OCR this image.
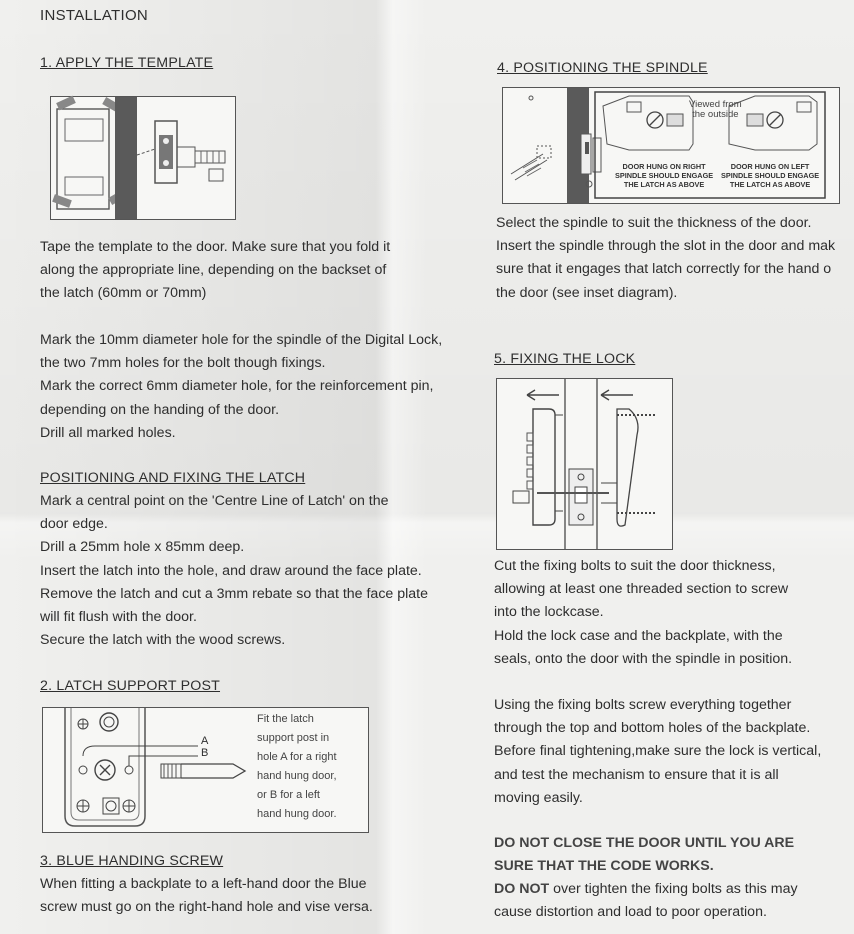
INSTALLATION
1. APPLY THE TEMPLATE
Tape the template to the door. Make sure that you fold it
along the appropriate line, depending on the backset of
the latch (60mm or 70mm)
Mark the 10mm diameter hole for the spindle of the Digital Lock,
the two 7mm holes for the bolt though fixings.
Mark the correct 6mm diameter hole, for the reinforcement pin,
depending on the handing of the door.
Drill all marked holes.
POSITIONING AND FIXING THE LATCH
Mark a central point on the 'Centre Line of Latch' on the
door edge.
Drill a 25mm hole x 85mm deep.
Insert the latch into the hole, and draw around the face plate.
Remove the latch and cut a 3mm rebate so that the face plate
will fit flush with the door.
Secure the latch with the wood screws.
2. LATCH SUPPORT POST
A
B
Fit the latch
support post in
hole A for a right
hand hung door,
or B for a left
hand hung door.
3. BLUE HANDING SCREW
When fitting a backplate to a left-hand door the Blue
screw must go on the right-hand hole and vise versa.
4. POSITIONING THE SPINDLE
Viewed from
the outside
DOOR HUNG ON RIGHT
SPINDLE SHOULD ENGAGE
THE LATCH AS ABOVE
DOOR HUNG ON LEFT
SPINDLE SHOULD ENGAGE
THE LATCH AS ABOVE
Select the spindle to suit the thickness of the door.
Insert the spindle through the slot in the door and mak
sure that it engages that latch correctly for the hand o
the door (see inset diagram).
5. FIXING THE LOCK
Cut the fixing bolts to suit the door thickness,
allowing at least one threaded section to screw
into the lockcase.
Hold the lock case and the backplate, with the
seals, onto the door with the spindle in position.
Using the fixing bolts screw everything together
through the top and bottom holes of the backplate.
Before final tightening,make sure the lock is vertical,
and test the mechanism to ensure that it is all
moving easily.
DO NOT CLOSE THE DOOR UNTIL YOU ARE
SURE THAT THE CODE WORKS.
DO NOT over tighten the fixing bolts as this may
cause distortion and load to poor operation.
